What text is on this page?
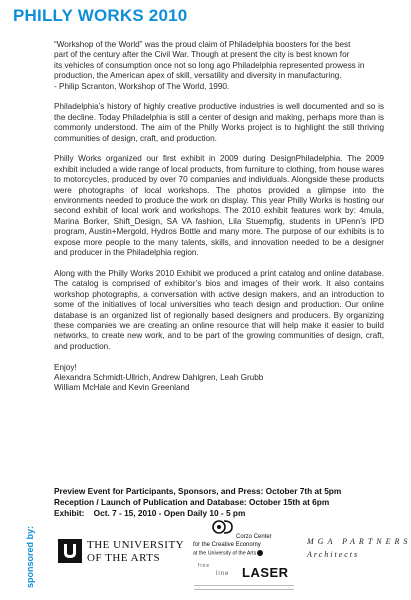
PHILLY WORKS 2010

“Workshop of the World” was the proud claim of Philadelphia boosters for the best
part of the century after the Civil War. Though at present the city is best known for
its vehicles of consumption once not so long ago Philadelphia represented prowess in
production, the American apex of skill, versatility and diversity in manufacturing.
- Philip Scranton, Workshop of The World, 1990.

Philadelphia’s history of highly creative productive industries is well documented and so is the decline. Today Philadelphia is still a center of design and making, perhaps more than is commonly understood. The aim of the Philly Works project is to highlight the still thriving communities of design, craft, and production.

Philly Works organized our first exhibit in 2009 during DesignPhiladelphia. The 2009 exhibit included a wide range of local products, from furniture to clothing, from house wares to motorcycles, produced by over 70 companies and individuals. Alongside these products were photographs of local workshops. The photos provided a glimpse into the environments needed to produce the work on display. This year Philly Works is hosting our second exhibit of local work and workshops. The 2010 exhibit features work by: 4mula, Marina Borker, Shift_Design, SA VA fashion, Lila Stuempfig, students in UPenn’s IPD program, Austin+Mergold, Hydros Bottle and many more. The purpose of our exhibits is to expose more people to the many talents, skills, and innovation needed to be a designer and producer in the Philadelphia region.

Along with the Philly Works 2010 Exhibit we produced a print catalog and online database. The catalog is comprised of exhibitor’s bios and images of their work. It also contains workshop photographs, a conversation with active design makers, and an introduction to some of the initiatives of local universities who teach design and production. Our online database is an organized list of regionally based designers and producers. By organizing these companies we are creating an online resource that will help make it easier to build networks, to create new work, and to be part of the growing communities of design, craft, and production.

Enjoy!
Alexandra Schmidt-Ullrich, Andrew Dahlgren, Leah Grubb
William McHale and Kevin Greenland

Preview Event for Participants, Sponsors, and Press: October 7th at 5pm
Reception / Launch of Publication and Database: October 15th at 6pm
Exhibit:    Oct. 7 - 15, 2010 - Open Daily 10 - 5 pm
sponsored by:	THE UNIVERSITY
OF THE ARTS
Corzo Center
for the Creative Economy
at the University of the Arts
fine
line LASER
MGA PARTNERS
Architects
